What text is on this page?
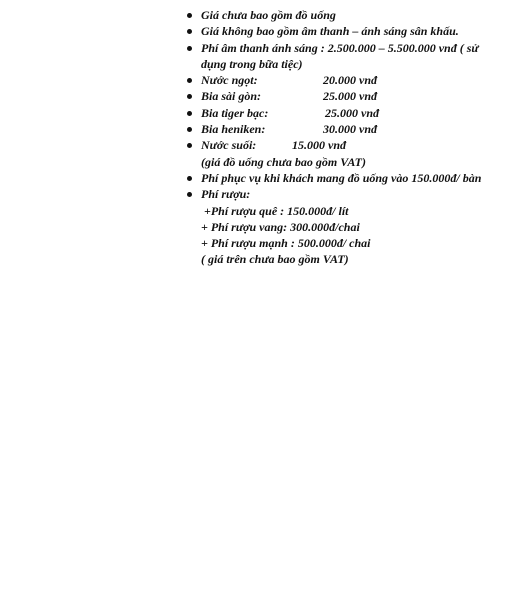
Giá chưa bao gồm đồ uống
Giá không bao gồm âm thanh – ánh sáng sân khấu.
Phí âm thanh ánh sáng : 2.500.000 – 5.500.000 vnđ ( sử
dụng trong bữa tiệc)
Nước ngọt:	20.000 vnđ
Bia sài gòn:	25.000 vnđ
Bia tiger bạc:	25.000 vnđ
Bia heniken:	30.000 vnđ
Nước suối:	15.000 vnđ
(giá đồ uống chưa bao gồm VAT)
Phí phục vụ khi khách mang đồ uống vào 150.000đ/ bàn
Phí rượu:
+Phí rượu quê : 150.000đ/ lít
+ Phí rượu vang: 300.000đ/chai
+ Phí rượu mạnh : 500.000đ/ chai
( giá trên chưa bao gồm VAT)
